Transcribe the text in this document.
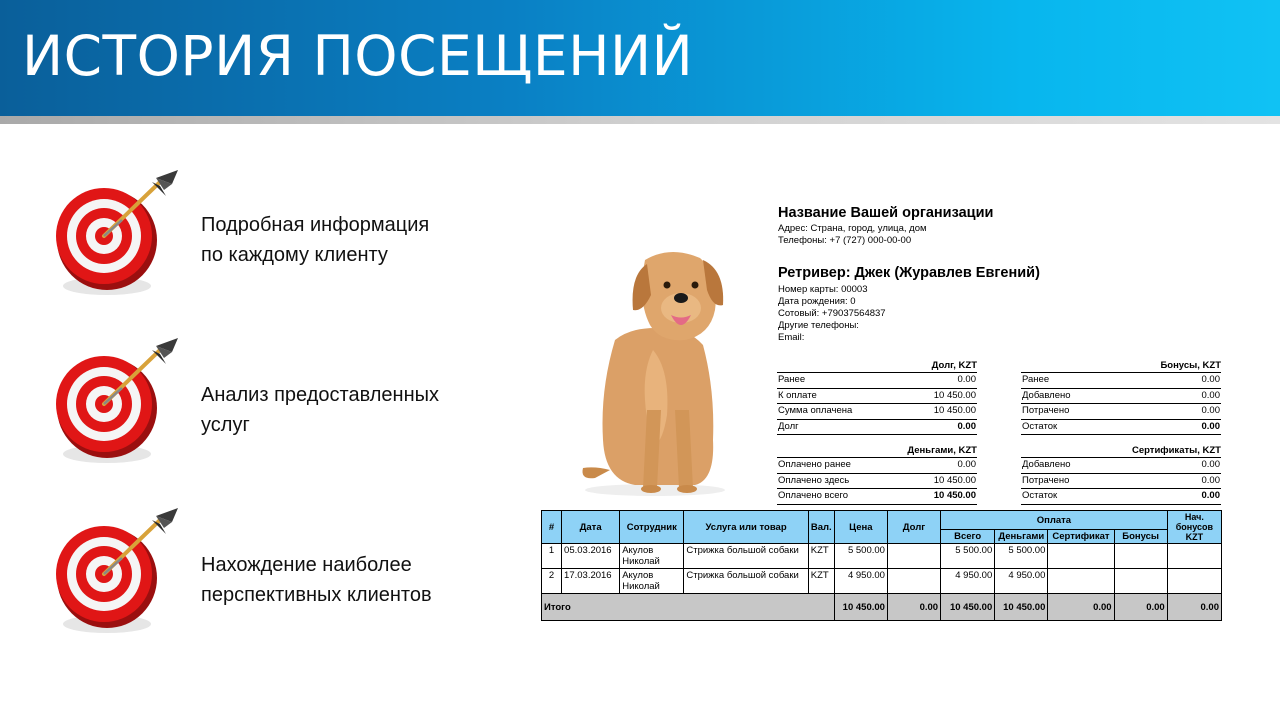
ИСТОРИЯ ПОСЕЩЕНИЙ
Подробная информация
по каждому клиенту
Анализ предоставленных
услуг
Нахождение наиболее
перспективных клиентов
Название Вашей организации
Адрес: Страна, город, улица, дом
Телефоны: +7 (727) 000-00-00
Ретривер: Джек (Журавлев Евгений)
Номер карты: 00003
Дата рождения: 0
Сотовый: +79037564837
Другие телефоны:
Email:
Долг, KZT
Ранее	0.00
К оплате	10 450.00
Сумма оплачена	10 450.00
Долг	0.00
Бонусы, KZT
Ранее	0.00
Добавлено	0.00
Потрачено	0.00
Остаток	0.00
Деньгами, KZT
Оплачено ранее	0.00
Оплачено здесь	10 450.00
Оплачено всего	10 450.00
Сертификаты, KZT
Добавлено	0.00
Потрачено	0.00
Остаток	0.00
#	Дата	Сотрудник	Услуга или товар	Вал.	Цена	Долг	Оплата				Нач. бонусов KZT
							Всего	Деньгами	Сертификат	Бонусы	
1	05.03.2016	Акулов Николай	Стрижка большой собаки	KZT	5 500.00		5 500.00	5 500.00			
2	17.03.2016	Акулов Николай	Стрижка большой собаки	KZT	4 950.00		4 950.00	4 950.00			
Итого					10 450.00	0.00	10 450.00	10 450.00	0.00	0.00	0.00
